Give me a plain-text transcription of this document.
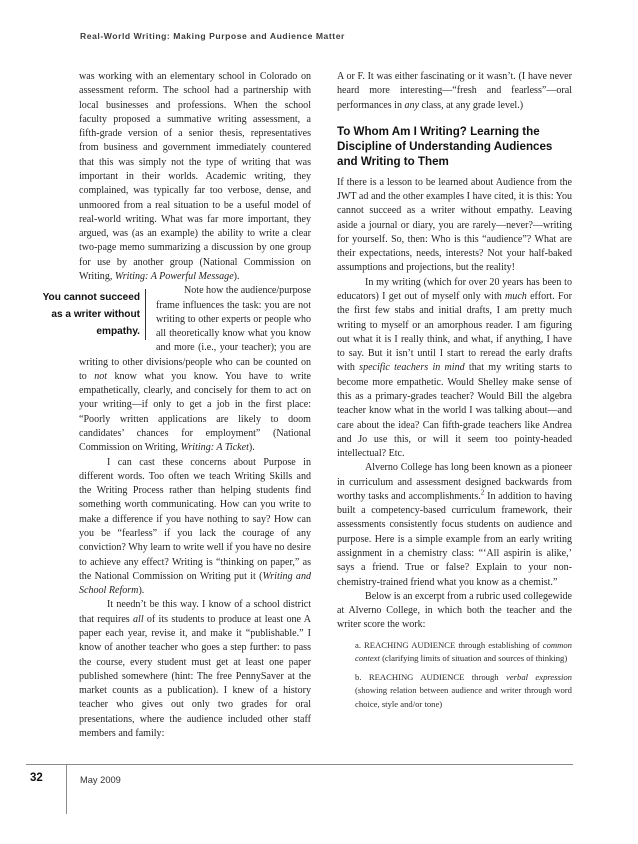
Real-World Writing: Making Purpose and Audience Matter

was working with an elementary school in Colorado on assessment reform. The school had a partnership with local businesses and professions. When the school faculty proposed a summative writing assessment, a fifth-grade version of a senior thesis, representatives from business and government immediately countered that this was simply not the type of writing that was important in their worlds. Academic writing, they complained, was typically far too verbose, dense, and unmoored from a real situation to be a useful model of real-world writing. What was far more important, they argued, was (as an example) the ability to write a clear two-page memo summarizing a discussion by one group for use by another group (National Commission on Writing, Writing: A Powerful Message).

You cannot succeed as a writer without empathy.
Note how the audience/purpose frame influences the task: you are not writing to other experts or people who all theoretically know what you know and more (i.e., your teacher); you are writing to other divisions/people who can be counted on to not know what you know. You have to write empathetically, clearly, and concisely for them to act on your writing—if only to get a job in the first place: “Poorly written applications are likely to doom candidates’ chances for employment” (National Commission on Writing, Writing: A Ticket).

I can cast these concerns about Purpose in different words. Too often we teach Writing Skills and the Writing Process rather than helping students find something worth communicating. How can you write to make a difference if you have nothing to say? How can you be “fearless” if you lack the courage of any conviction? Why learn to write well if you have no desire to achieve any effect? Writing is “thinking on paper,” as the National Commission on Writing put it (Writing and School Reform).

It needn’t be this way. I know of a school district that requires all of its students to produce at least one A paper each year, revise it, and make it “publishable.” I know of another teacher who goes a step further: to pass the course, every student must get at least one paper published somewhere (hint: The free PennySaver at the market counts as a publication). I knew of a history teacher who gives out only two grades for oral presentations, where the audience included other staff members and family:

A or F. It was either fascinating or it wasn’t. (I have never heard more interesting—“fresh and fearless”—oral performances in any class, at any grade level.)

To Whom Am I Writing? Learning the Discipline of Understanding Audiences and Writing to Them

If there is a lesson to be learned about Audience from the JWT ad and the other examples I have cited, it is this: You cannot succeed as a writer without empathy. Leaving aside a journal or diary, you are rarely—never?—writing for yourself. So, then: Who is this “audience”? What are their expectations, needs, interests? Not your half-baked assumptions and projections, but the reality!

In my writing (which for over 20 years has been to educators) I get out of myself only with much effort. For the first few stabs and initial drafts, I am pretty much writing to myself or an amorphous reader. I am figuring out what it is I really think, and what, if anything, I have to say. But it isn’t until I start to reread the early drafts with specific teachers in mind that my writing starts to become more empathetic. Would Shelley make sense of this as a primary-grades teacher? Would Bill the algebra teacher know what in the world I was talking about—and care about the idea? Can fifth-grade teachers like Andrea and Jo use this, or will it seem too pointy-headed intellectual? Etc.

Alverno College has long been known as a pioneer in curriculum and assessment designed backwards from worthy tasks and accomplishments.$^2$ In addition to having built a competency-based curriculum framework, their assessments consistently focus students on audience and purpose. Here is a simple example from an early writing assignment in a chemistry class: “‘All aspirin is alike,’ says a friend. True or false? Explain to your non-chemistry-trained friend what you know as a chemist.”

Below is an excerpt from a rubric used collegewide at Alverno College, in which both the teacher and the writer score the work:

a. REACHING AUDIENCE through establishing of common context (clarifying limits of situation and sources of thinking)

b. REACHING AUDIENCE through verbal expression (showing relation between audience and writer through word choice, style and/or tone)

32	May 2009
